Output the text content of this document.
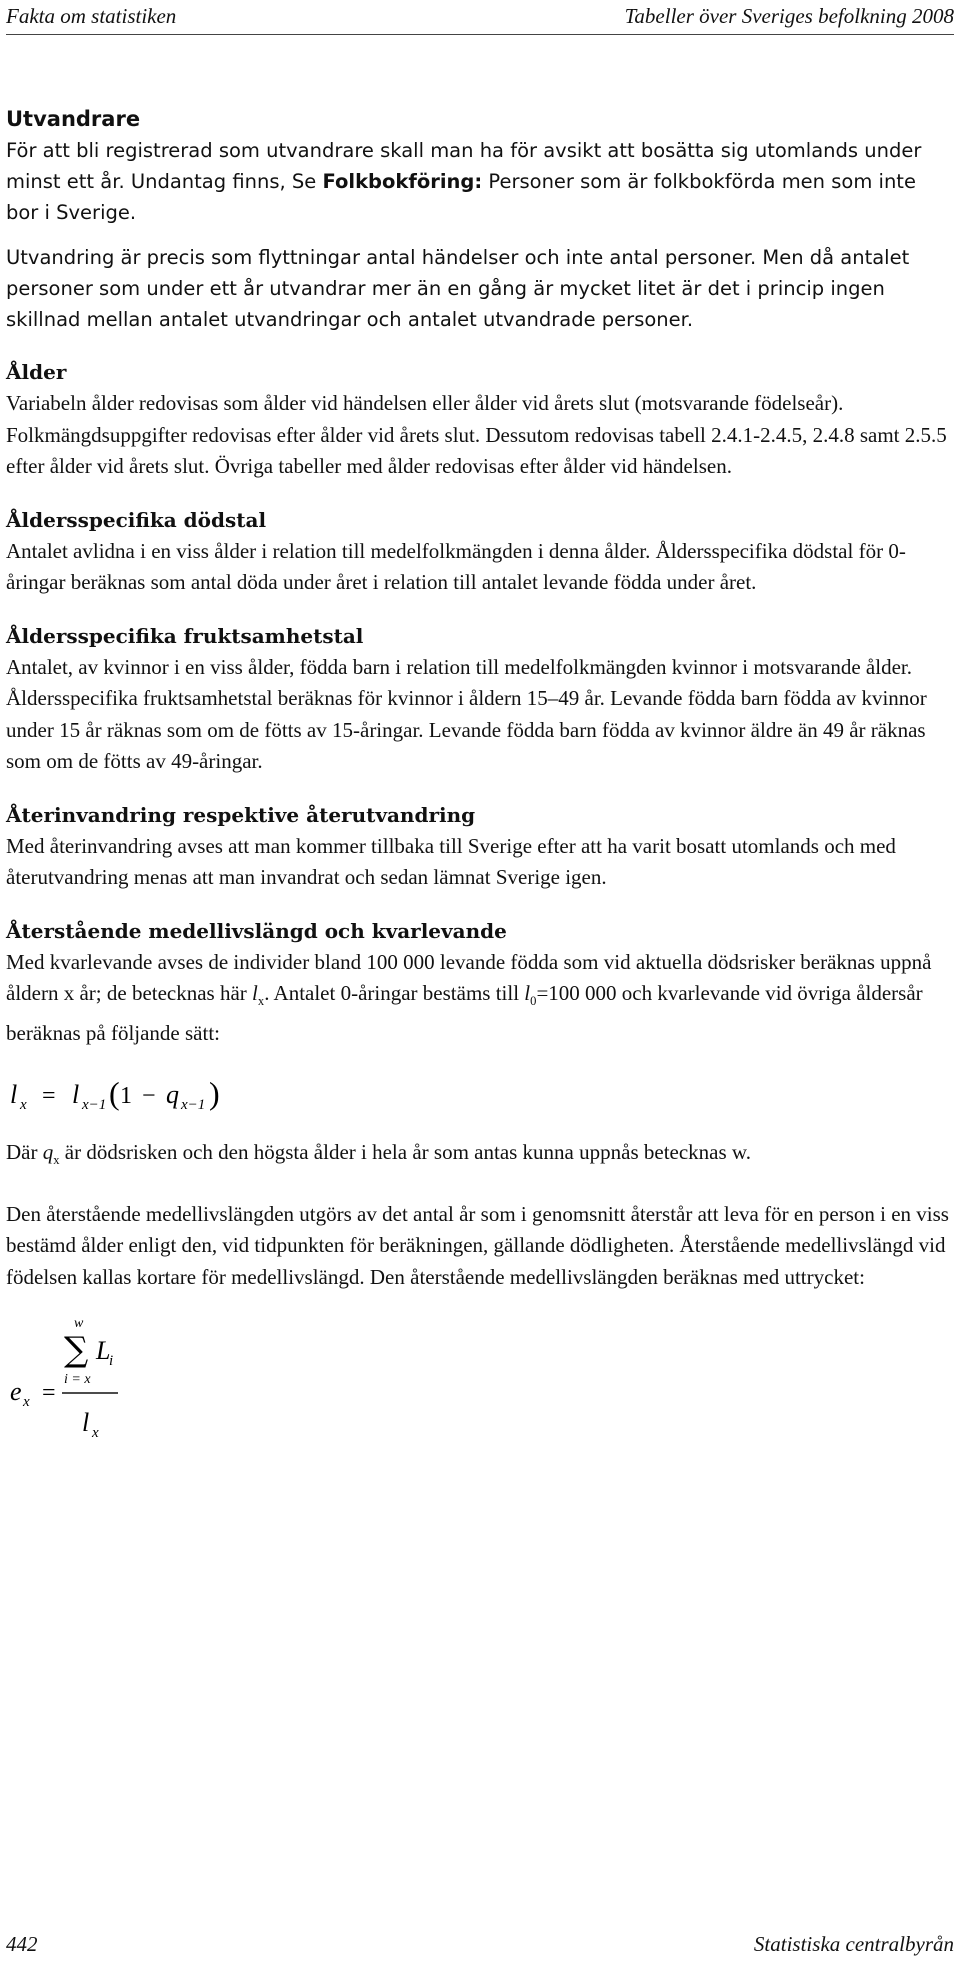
Fakta om statistiken	Tabeller över Sveriges befolkning 2008
Utvandrare

För att bli registrerad som utvandrare skall man ha för avsikt att bosätta sig utomlands under minst ett år. Undantag finns, Se Folkbokföring: Personer som är folkbokförda men som inte bor i Sverige.

Utvandring är precis som flyttningar antal händelser och inte antal personer. Men då antalet personer som under ett år utvandrar mer än en gång är mycket litet är det i princip ingen skillnad mellan antalet utvandringar och antalet utvandrade personer.

Ålder

Variabeln ålder redovisas som ålder vid händelsen eller ålder vid årets slut (motsvarande födelseår). Folkmängdsuppgifter redovisas efter ålder vid årets slut. Dessutom redovisas tabell 2.4.1-2.4.5, 2.4.8 samt 2.5.5 efter ålder vid årets slut. Övriga tabeller med ålder redovisas efter ålder vid händelsen.

Åldersspecifika dödstal

Antalet avlidna i en viss ålder i relation till medelfolkmängden i denna ålder. Åldersspecifika dödstal för 0-åringar beräknas som antal döda under året i relation till antalet levande födda under året.

Åldersspecifika fruktsamhetstal

Antalet, av kvinnor i en viss ålder, födda barn i relation till medelfolkmängden kvinnor i motsvarande ålder. Åldersspecifika fruktsamhetstal beräknas för kvinnor i åldern 15–49 år. Levande födda barn födda av kvinnor under 15 år räknas som om de fötts av 15-åringar. Levande födda barn födda av kvinnor äldre än 49 år räknas som om de fötts av 49-åringar.

Återinvandring respektive återutvandring

Med återinvandring avses att man kommer tillbaka till Sverige efter att ha varit bosatt utomlands och med återutvandring menas att man invandrat och sedan lämnat Sverige igen.

Återstående medellivslängd och kvarlevande

Med kvarlevande avses de individer bland 100 000 levande födda som vid aktuella dödsrisker beräknas uppnå åldern x år; de betecknas här $l_x$. Antalet 0-åringar bestäms till $l_0=100$ 000 och kvarlevande vid övriga åldersår beräknas på följande sätt:

l x = l x−1 ( 1 − q x−1 )

Där $q_x$ är dödsrisken och den högsta ålder i hela år som antas kunna uppnås betecknas w.

Den återstående medellivslängden utgörs av det antal år som i genomsnitt återstår att leva för en person i en viss bestämd ålder enligt den, vid tidpunkten för beräkningen, gällande dödligheten. Återstående medellivslängd vid födelsen kallas kortare för medellivslängd. Den återstående medellivslängden beräknas med uttrycket:

e x =
w
∑ L
i
i = x
l x
442	Statistiska centralbyrån
